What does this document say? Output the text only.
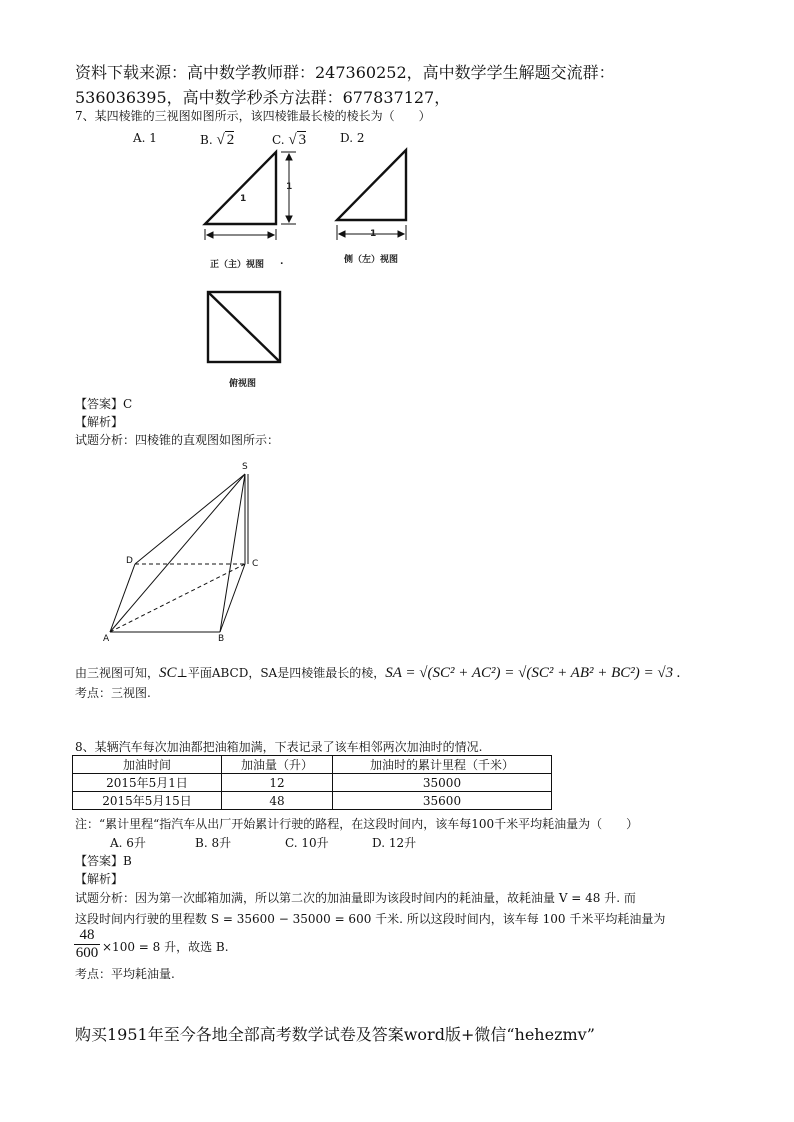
资料下载来源：高中数学教师群：247360252，高中数学学生解题交流群：
536036395，高中数学秒杀方法群：677837127，
7、某四棱锥的三视图如图所示，该四棱锥最长棱的棱长为（　　）
A. 1	B. √ 2	C. √ 3	D. 2
1
1
1
正（主）视图 .	侧（左）视图
俯视图
【答案】C
【解析】
试题分析：四棱锥的直观图如图所示：
S
D	C
A	B
由三视图可知，SC⊥平面ABCD，SA是四棱锥最长的棱，SA = √(SC² + AC²) = √(SC² + AB² + BC²) = √3 .
考点：三视图.
8、某辆汽车每次加油都把油箱加满，下表记录了该车相邻两次加油时的情况.
加油时间	加油量（升）	加油时的累计里程（千米）
2015年5月1日	12	35000
2015年5月15日	48	35600
注：“累计里程“指汽车从出厂开始累计行驶的路程，在这段时间内，该车每100千米平均耗油量为（　　）
A. 6升	B. 8升	C. 10升	D. 12升
【答案】B
【解析】
试题分析：因为第一次邮箱加满，所以第二次的加油量即为该段时间内的耗油量，故耗油量 V = 48 升. 而
这段时间内行驶的里程数 S = 35600 − 35000 = 600 千米. 所以这段时间内，该车每 100 千米平均耗油量为
$\frac{48}{600} \times 100 = 8$ 升，故选 B.
考点：平均耗油量.
购买1951年至今各地全部高考数学试卷及答案word版+微信“hehezmv”
